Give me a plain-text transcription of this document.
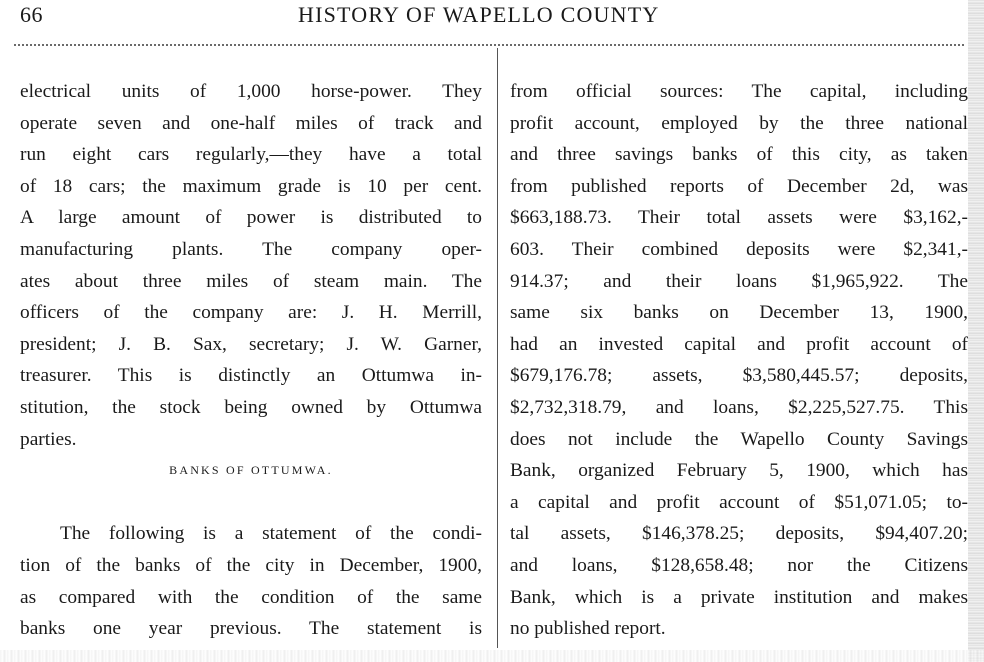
66	HISTORY OF WAPELLO COUNTY
electrical units of 1,000 horse-power. They
operate seven and one-half miles of track and
run eight cars regularly,—they have a total
of 18 cars; the maximum grade is 10 per cent.
A large amount of power is distributed to
manufacturing plants. The company oper-
ates about three miles of steam main. The
officers of the company are: J. H. Merrill,
president; J. B. Sax, secretary; J. W. Garner,
treasurer. This is distinctly an Ottumwa in-
stitution, the stock being owned by Ottumwa
parties.
BANKS OF OTTUMWA.
The following is a statement of the condi-
tion of the banks of the city in December, 1900,
as compared with the condition of the same
banks one year previous. The statement is
from official sources: The capital, including
profit account, employed by the three national
and three savings banks of this city, as taken
from published reports of December 2d, was
$663,188.73. Their total assets were $3,162,-
603. Their combined deposits were $2,341,-
914.37; and their loans $1,965,922. The
same six banks on December 13, 1900,
had an invested capital and profit account of
$679,176.78; assets, $3,580,445.57; deposits,
$2,732,318.79, and loans, $2,225,527.75. This
does not include the Wapello County Savings
Bank, organized February 5, 1900, which has
a capital and profit account of $51,071.05; to-
tal assets, $146,378.25; deposits, $94,407.20;
and loans, $128,658.48; nor the Citizens
Bank, which is a private institution and makes
no published report.
